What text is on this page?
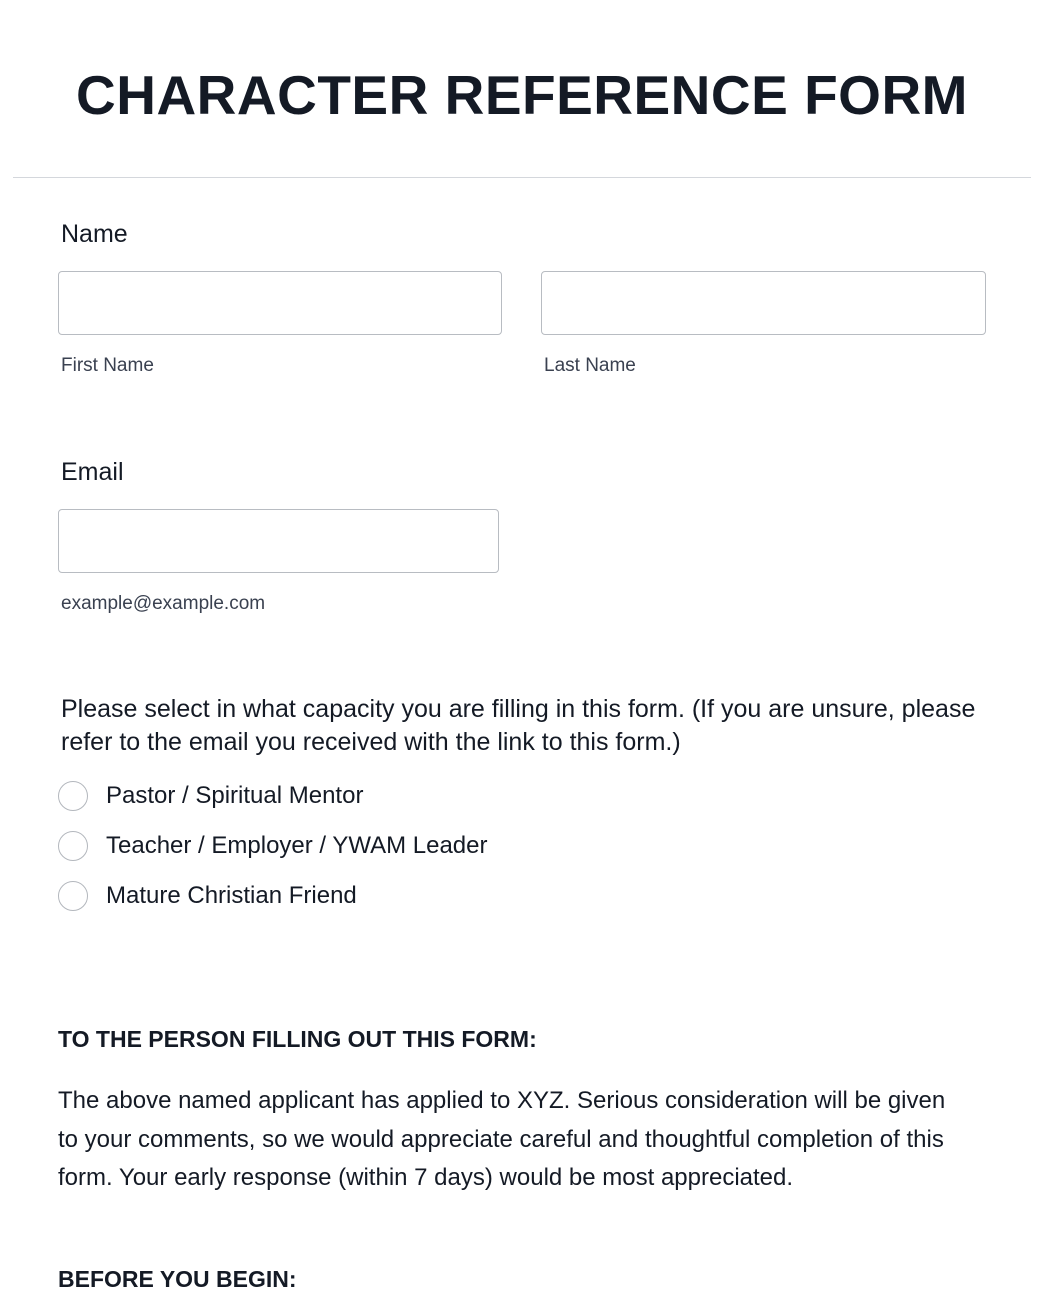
CHARACTER REFERENCE FORM
Name
First Name	Last Name
Email
example@example.com
Please select in what capacity you are filling in this form. (If you are unsure, please refer to the email you received with the link to this form.)
Pastor / Spiritual Mentor
Teacher / Employer / YWAM Leader
Mature Christian Friend
TO THE PERSON FILLING OUT THIS FORM:
The above named applicant has applied to XYZ. Serious consideration will be given to your comments, so we would appreciate careful and thoughtful completion of this form. Your early response (within 7 days) would be most appreciated.
BEFORE YOU BEGIN:
